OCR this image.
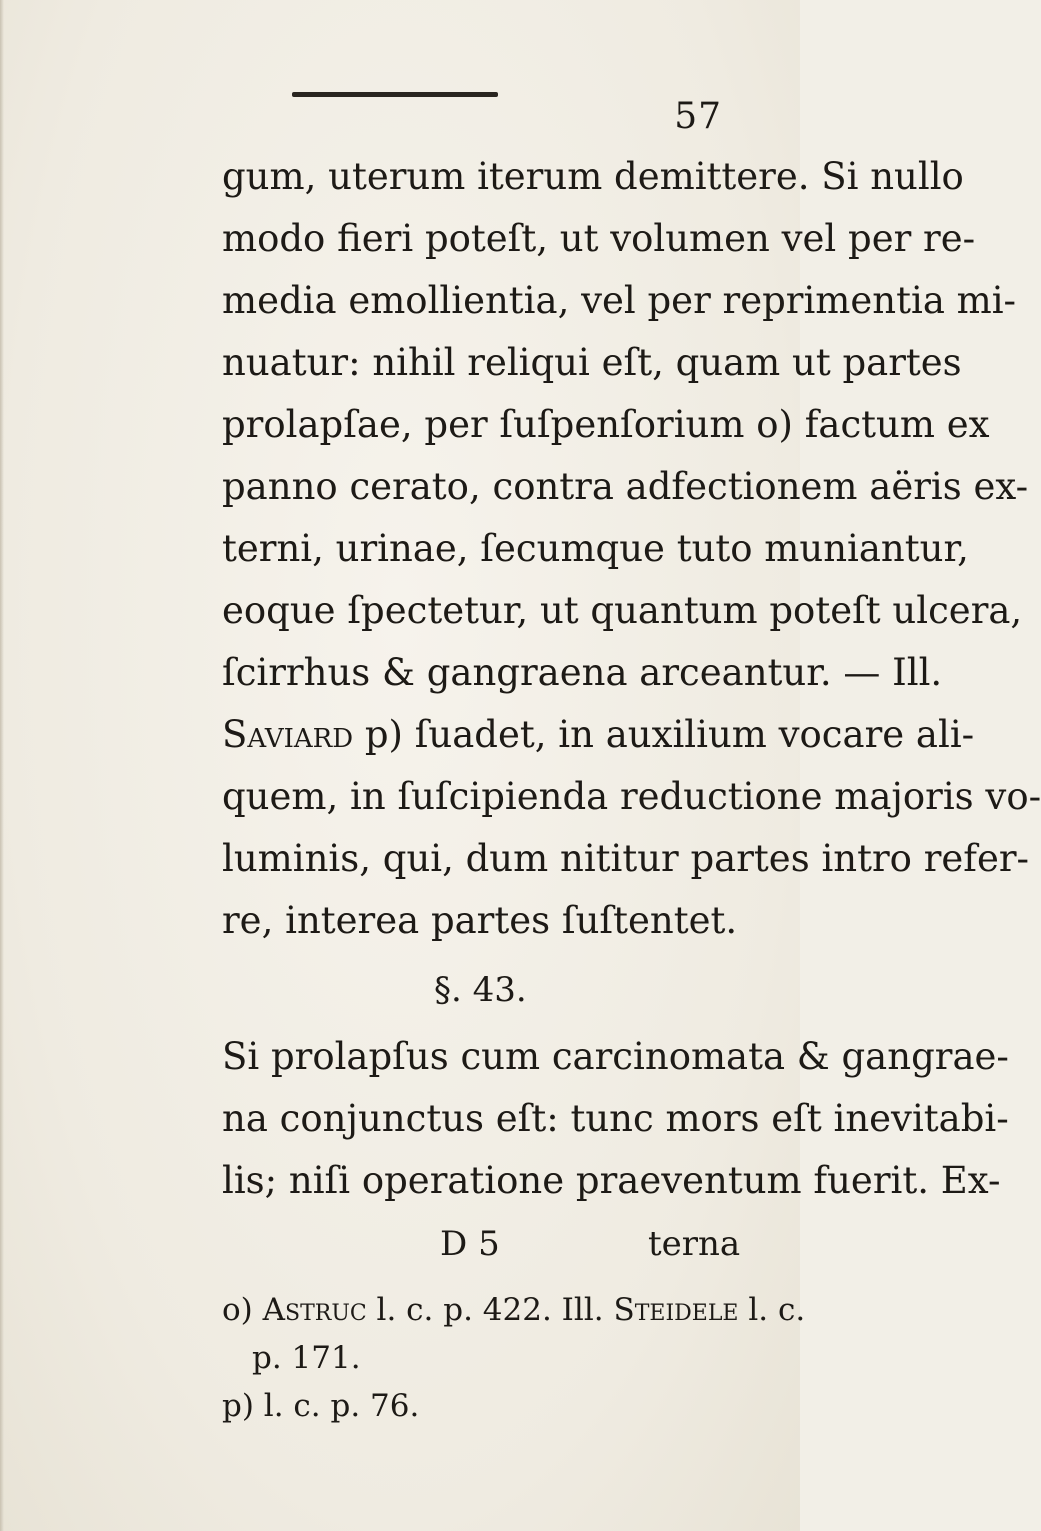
57
gum, uterum iterum demittere. Si nullo
modo fieri poteſt, ut volumen vel per re-
media emollientia, vel per reprimentia mi-
nuatur: nihil reliqui eſt, quam ut partes
prolapſae, per ſuſpenſorium o) factum ex
panno cerato, contra adfectionem aëris ex-
terni, urinae, ſecumque tuto muniantur,
eoque ſpectetur, ut quantum poteſt ulcera,
ſcirrhus & gangraena arceantur. — Ill.
Saviard p) ſuadet, in auxilium vocare ali-
quem, in ſuſcipienda reductione majoris vo-
luminis, qui, dum nititur partes intro refer-
re, interea partes ſuſtentet.
§. 43.
Si prolapſus cum carcinomata & gangrae-
na conjunctus eſt: tunc mors eſt inevitabi-
lis; niſi operatione praeventum fuerit. Ex-
D 5	terna
o) Astruc l. c. p. 422. Ill. Steidele l. c.
p. 171.
p) l. c. p. 76.
